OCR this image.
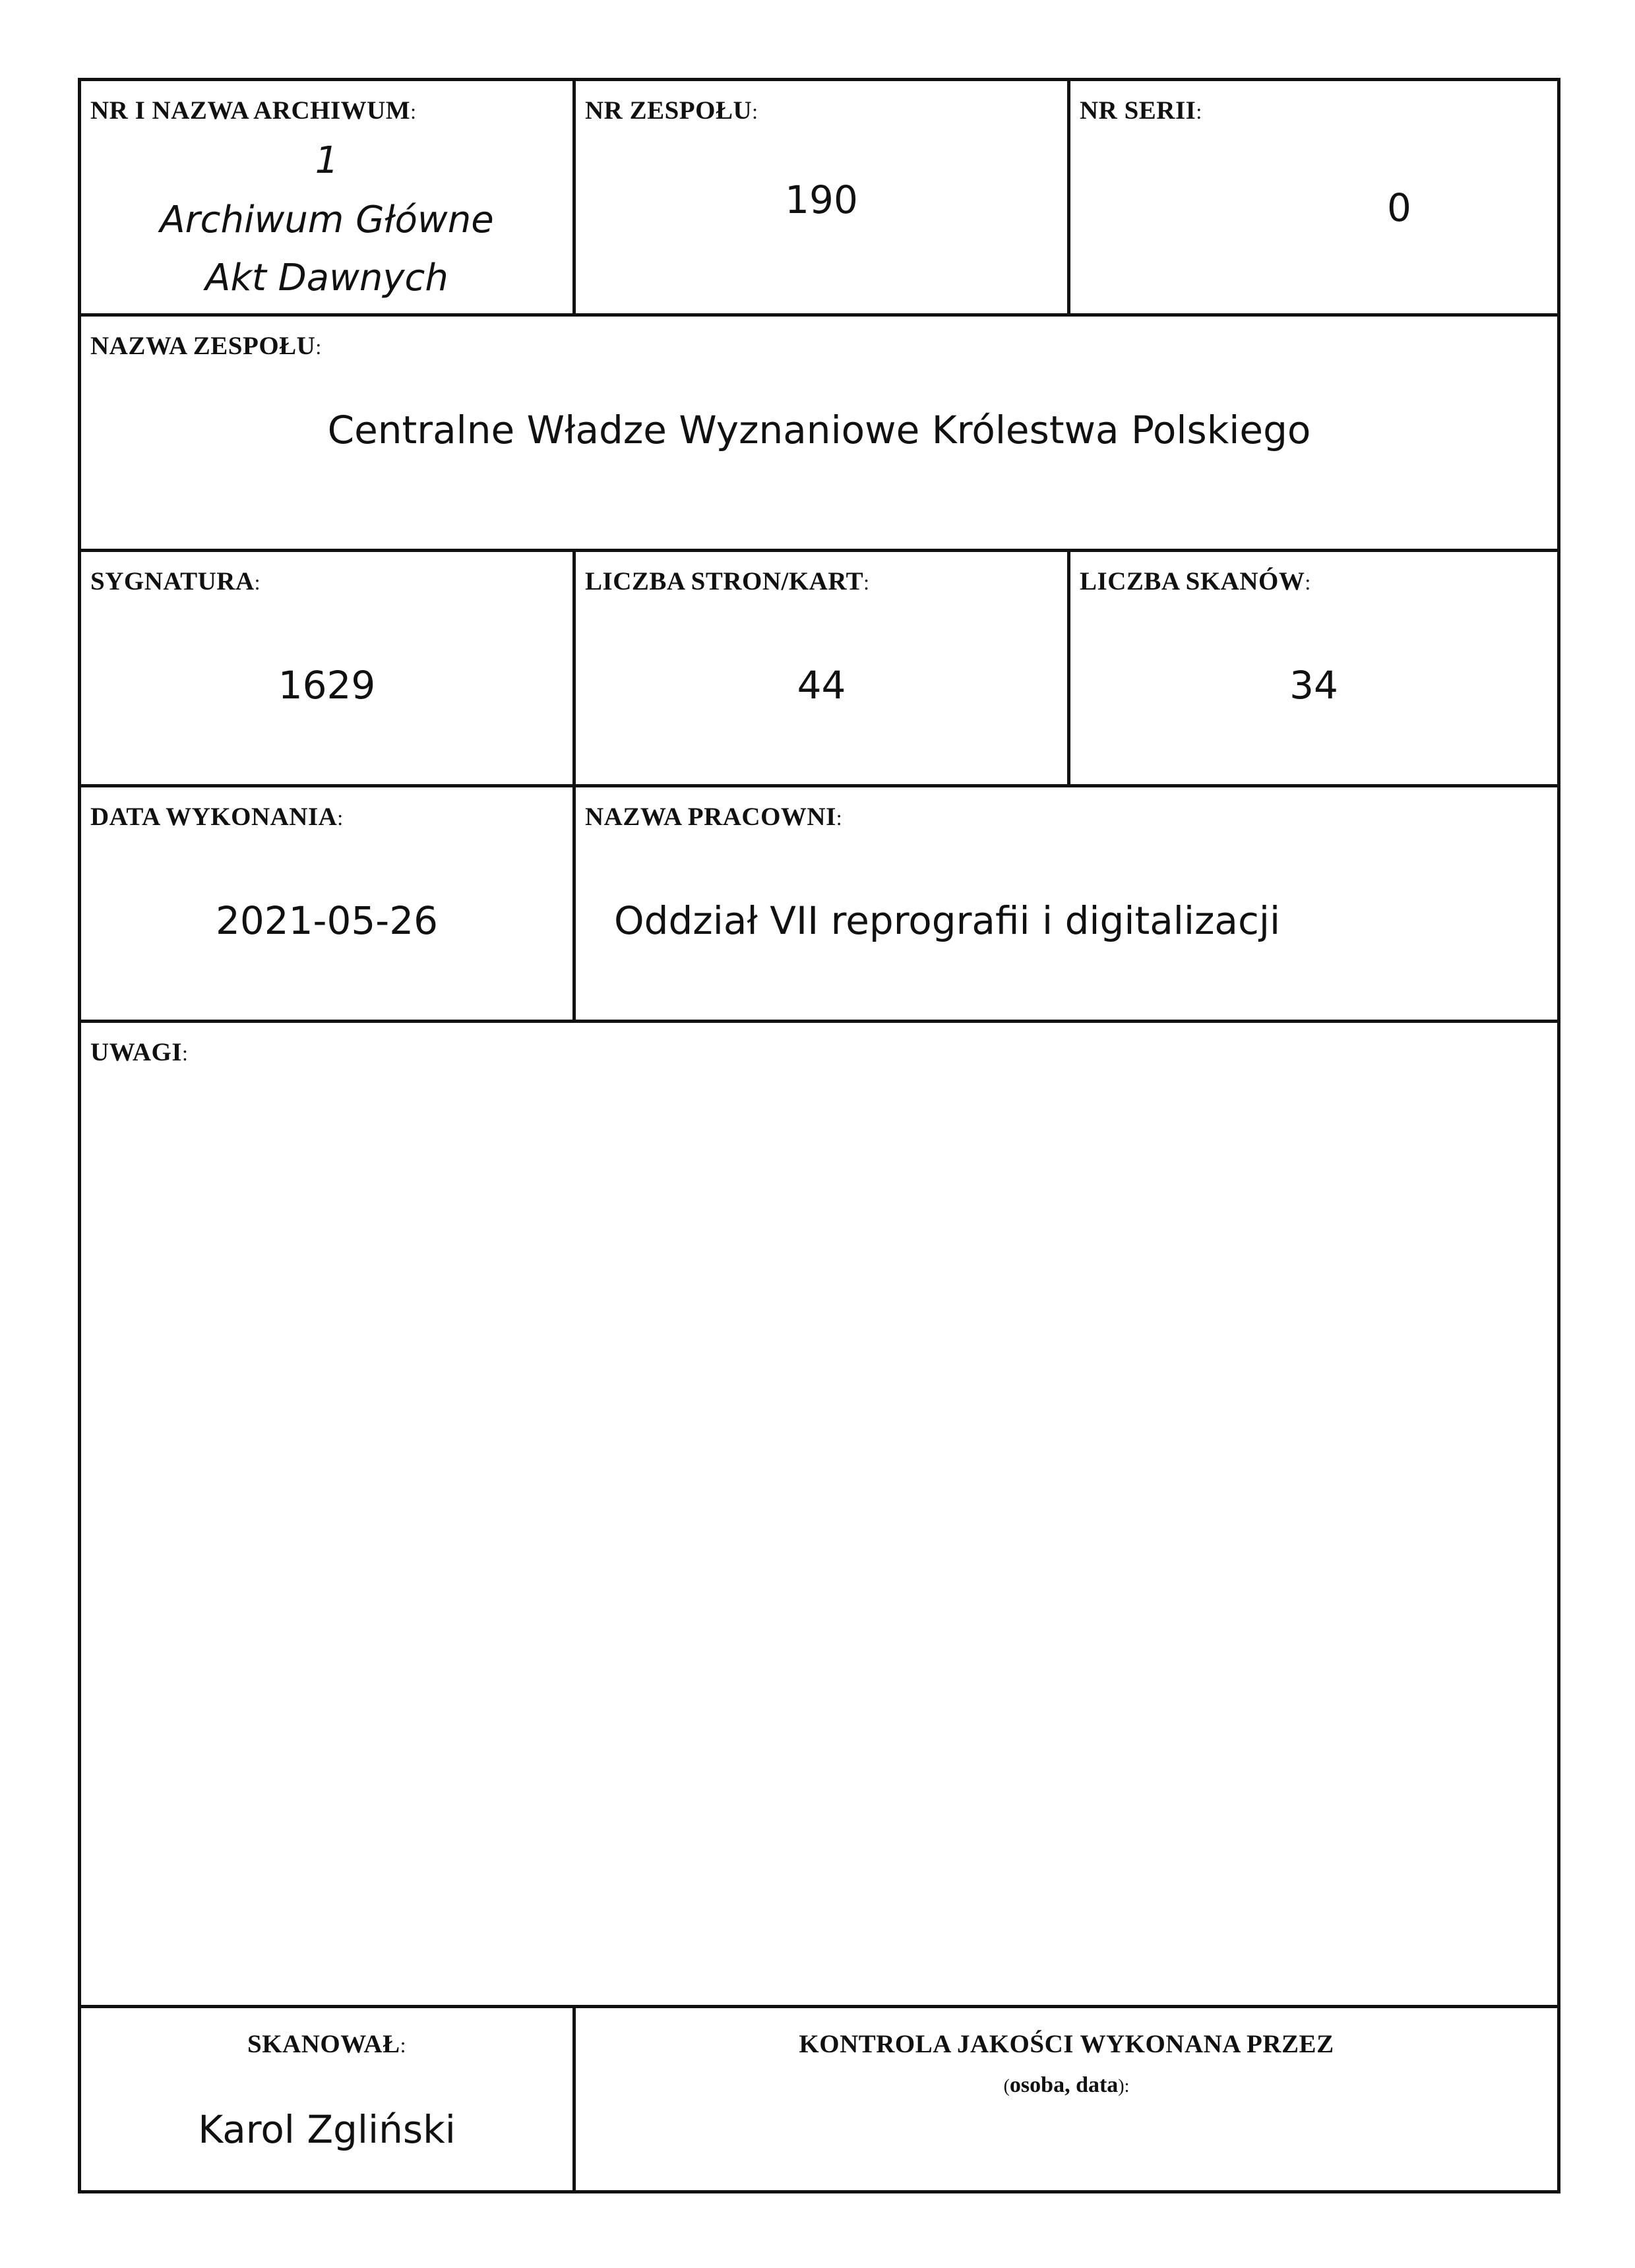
NR I NAZWA ARCHIWUM:
1
Archiwum Główne
Akt Dawnych
NR ZESPOŁU:
190
NR SERII:
0
NAZWA ZESPOŁU:
Centralne Władze Wyznaniowe Królestwa Polskiego
SYGNATURA:
1629
LICZBA STRON/KART:
44
LICZBA SKANÓW:
34
DATA WYKONANIA:
2021-05-26
NAZWA PRACOWNI:
Oddział VII reprografii i digitalizacji
UWAGI:
SKANOWAŁ:
Karol Zgliński
KONTROLA JAKOŚCI WYKONANA PRZEZ
(osoba, data):
